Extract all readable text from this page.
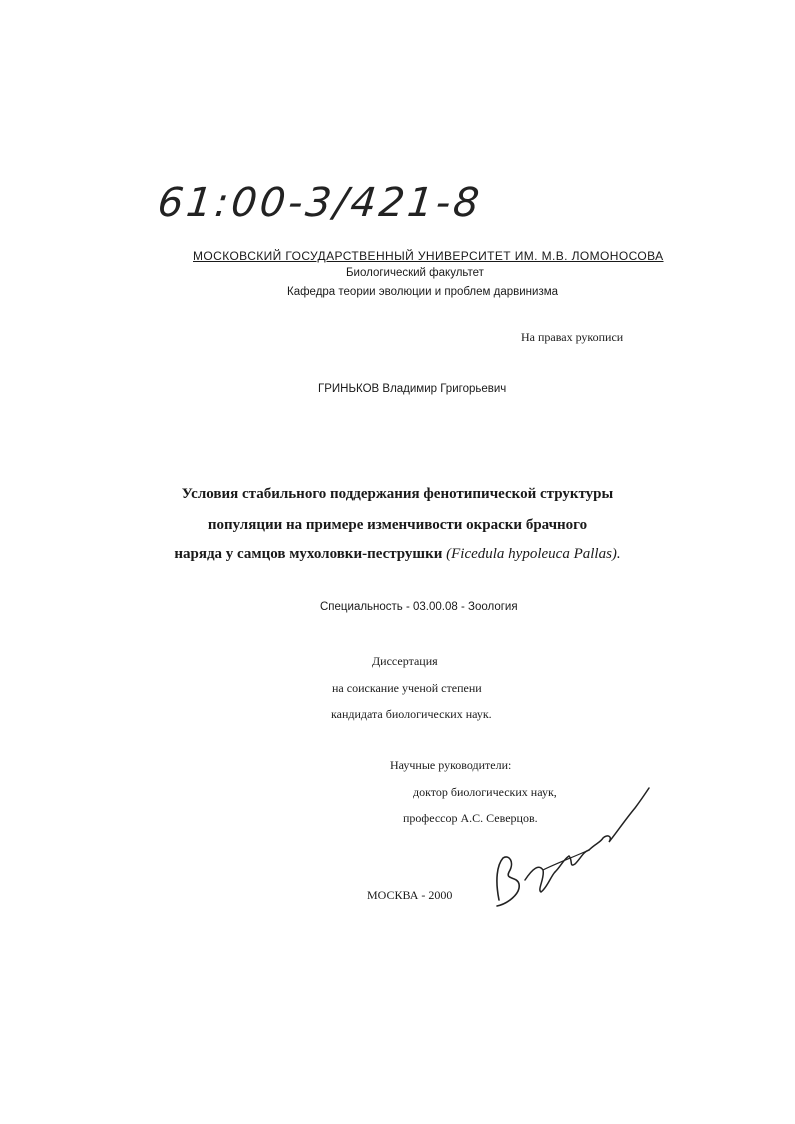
61:00-3/421-8
МОСКОВСКИЙ ГОСУДАРСТВЕННЫЙ УНИВЕРСИТЕТ ИМ. М.В. ЛОМОНОСОВА
Биологический факультет
Кафедра теории эволюции и проблем дарвинизма
На правах рукописи
ГРИНЬКОВ Владимир Григорьевич
Условия стабильного поддержания фенотипической структуры
популяции на примере изменчивости окраски брачного
наряда у самцов мухоловки-пеструшки (Ficedula hypoleuca Pallas).
Специальность - 03.00.08 - Зоология
Диссертация
на соискание ученой степени
кандидата биологических наук.
Научные руководители:
доктор биологических наук,
профессор А.С. Северцов.
МОСКВА - 2000
